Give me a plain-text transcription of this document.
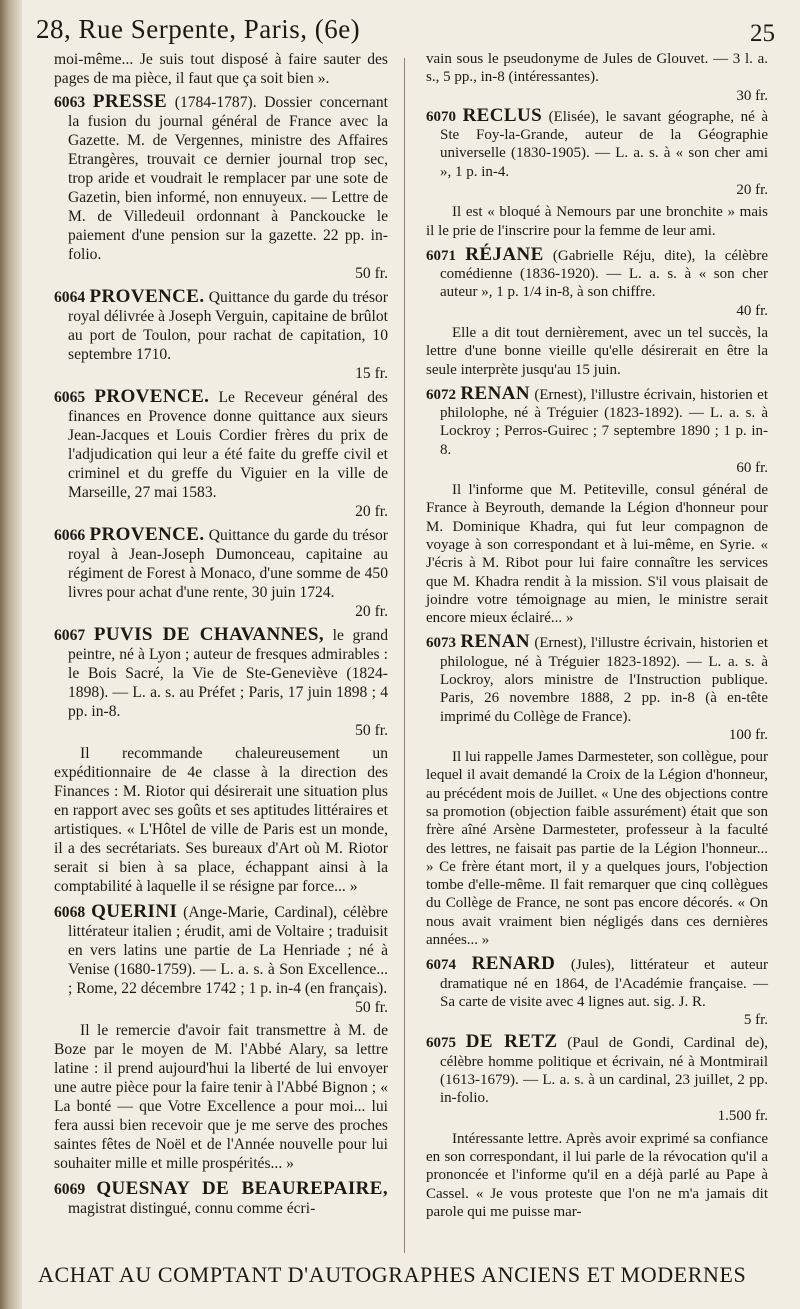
28, Rue Serpente, Paris, (6e)	25

moi-même... Je suis tout disposé à faire sauter des pages de ma pièce, il faut que ça soit bien ».

6063 PRESSE (1784-1787). Dossier concernant la fusion du journal général de France avec la Gazette. M. de Vergennes, ministre des Affaires Etrangères, trouvait ce dernier journal trop sec, trop aride et voudrait le remplacer par une sote de Gazetin, bien informé, non ennuyeux. — Lettre de M. de Villedeuil ordonnant à Panckoucke le paiement d'une pension sur la gazette. 22 pp. in-folio.
50 fr.

6064 PROVENCE. Quittance du garde du trésor royal délivrée à Joseph Verguin, capitaine de brûlot au port de Toulon, pour rachat de capitation, 10 septembre 1710.
15 fr.

6065 PROVENCE. Le Receveur général des finances en Provence donne quittance aux sieurs Jean-Jacques et Louis Cordier frères du prix de l'adjudication qui leur a été faite du greffe civil et criminel et du greffe du Viguier en la ville de Marseille, 27 mai 1583.
20 fr.

6066 PROVENCE. Quittance du garde du trésor royal à Jean-Joseph Dumonceau, capitaine au régiment de Forest à Monaco, d'une somme de 450 livres pour achat d'une rente, 30 juin 1724.
20 fr.

6067 PUVIS DE CHAVANNES, le grand peintre, né à Lyon ; auteur de fresques admirables : le Bois Sacré, la Vie de Ste-Geneviève (1824-1898). — L. a. s. au Préfet ; Paris, 17 juin 1898 ; 4 pp. in-8.
50 fr.

Il recommande chaleureusement un expéditionnaire de 4e classe à la direction des Finances : M. Riotor qui désirerait une situation plus en rapport avec ses goûts et ses aptitudes littéraires et artistiques. « L'Hôtel de ville de Paris est un monde, il a des secrétariats. Ses bureaux d'Art où M. Riotor serait si bien à sa place, échappant ainsi à la comptabilité à laquelle il se résigne par force... »

6068 QUERINI (Ange-Marie, Cardinal), célèbre littérateur italien ; érudit, ami de Voltaire ; traduisit en vers latins une partie de La Henriade ; né à Venise (1680-1759). — L. a. s. à Son Excellence... ; Rome, 22 décembre 1742 ; 1 p. in-4 (en français).
50 fr.

Il le remercie d'avoir fait transmettre à M. de Boze par le moyen de M. l'Abbé Alary, sa lettre latine : il prend aujourd'hui la liberté de lui envoyer une autre pièce pour la faire tenir à l'Abbé Bignon ; « La bonté — que Votre Excellence a pour moi... lui fera aussi bien recevoir que je me serve des proches saintes fêtes de Noël et de l'Année nouvelle pour lui souhaiter mille et mille prospérités... »

6069 QUESNAY DE BEAUREPAIRE, magistrat distingué, connu comme écri-

vain sous le pseudonyme de Jules de Glouvet. — 3 l. a. s., 5 pp., in-8 (intéressantes).
30 fr.

6070 RECLUS (Elisée), le savant géographe, né à Ste Foy-la-Grande, auteur de la Géographie universelle (1830-1905). — L. a. s. à « son cher ami », 1 p. in-4.
20 fr.

Il est « bloqué à Nemours par une bronchite » mais il le prie de l'inscrire pour la femme de leur ami.

6071 RÉJANE (Gabrielle Réju, dite), la célèbre comédienne (1836-1920). — L. a. s. à « son cher auteur », 1 p. 1/4 in-8, à son chiffre.
40 fr.

Elle a dit tout dernièrement, avec un tel succès, la lettre d'une bonne vieille qu'elle désirerait en être la seule interprète jusqu'au 15 juin.

6072 RENAN (Ernest), l'illustre écrivain, historien et philolophe, né à Tréguier (1823-1892). — L. a. s. à Lockroy ; Perros-Guirec ; 7 septembre 1890 ; 1 p. in-8.
60 fr.

Il l'informe que M. Petiteville, consul général de France à Beyrouth, demande la Légion d'honneur pour M. Dominique Khadra, qui fut leur compagnon de voyage à son correspondant et à lui-même, en Syrie. « J'écris à M. Ribot pour lui faire connaître les services que M. Khadra rendit à la mission. S'il vous plaisait de joindre votre témoignage au mien, le ministre serait encore mieux éclairé... »

6073 RENAN (Ernest), l'illustre écrivain, historien et philologue, né à Tréguier 1823-1892). — L. a. s. à Lockroy, alors ministre de l'Instruction publique. Paris, 26 novembre 1888, 2 pp. in-8 (à en-tête imprimé du Collège de France).
100 fr.

Il lui rappelle James Darmesteter, son collègue, pour lequel il avait demandé la Croix de la Légion d'honneur, au précédent mois de Juillet. « Une des objections contre sa promotion (objection faible assurément) était que son frère aîné Arsène Darmesteter, professeur à la faculté des lettres, ne faisait pas partie de la Légion l'honneur... » Ce frère étant mort, il y a quelques jours, l'objection tombe d'elle-même. Il fait remarquer que cinq collègues du Collège de France, ne sont pas encore décorés. « On nous avait vraiment bien négligés dans ces dernières années... »

6074 RENARD (Jules), littérateur et auteur dramatique né en 1864, de l'Académie française. — Sa carte de visite avec 4 lignes aut. sig. J. R.
5 fr.

6075 DE RETZ (Paul de Gondi, Cardinal de), célèbre homme politique et écrivain, né à Montmirail (1613-1679). — L. a. s. à un cardinal, 23 juillet, 2 pp. in-folio.
1.500 fr.

Intéressante lettre. Après avoir exprimé sa confiance en son correspondant, il lui parle de la révocation qu'il a prononcée et l'informe qu'il en a déjà parlé au Pape à Cassel. « Je vous proteste que l'on ne m'a jamais dit parole qui me puisse mar-

ACHAT AU COMPTANT D'AUTOGRAPHES ANCIENS ET MODERNES
